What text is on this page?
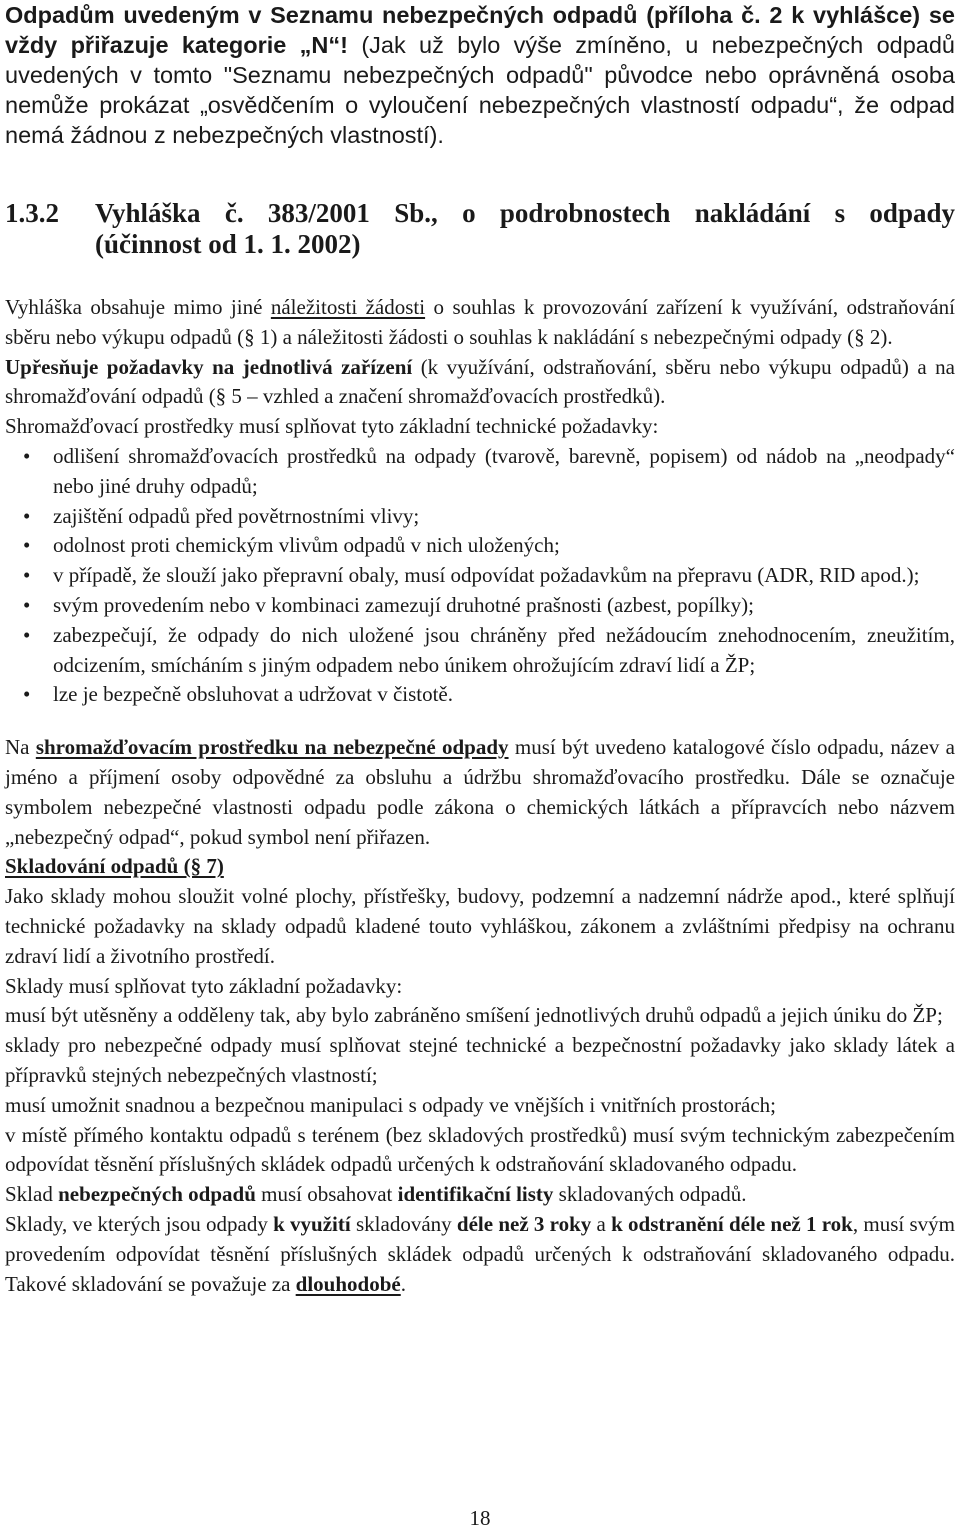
Odpadům uvedeným v Seznamu nebezpečných odpadů (příloha č. 2 k vyhlášce) se vždy přiřazuje kategorie „N“! (Jak už bylo výše zmíněno, u nebezpečných odpadů uvedených v tomto "Seznamu nebezpečných odpadů" původce nebo oprávněná osoba nemůže prokázat „osvědčením o vyloučení nebezpečných vlastností odpadu“, že odpad nemá žádnou z nebezpečných vlastností).

1.3.2	Vyhláška č. 383/2001 Sb., o podrobnostech nakládání s odpady
(účinnost od 1. 1. 2002)

Vyhláška obsahuje mimo jiné náležitosti žádosti o souhlas k provozování zařízení k využívání, odstraňování sběru nebo výkupu odpadů (§ 1) a náležitosti žádosti o souhlas k nakládání s nebezpečnými odpady (§ 2).

Upřesňuje požadavky na jednotlivá zařízení (k využívání, odstraňování, sběru nebo výkupu odpadů) a na shromažďování odpadů (§ 5 – vzhled a značení shromažďovacích prostředků).

Shromažďovací prostředky musí splňovat tyto základní technické požadavky:

• odlišení shromažďovacích prostředků na odpady (tvarově, barevně, popisem) od nádob na „neodpady“ nebo jiné druhy odpadů;
• zajištění odpadů před povětrnostními vlivy;
• odolnost proti chemickým vlivům odpadů v nich uložených;
• v případě, že slouží jako přepravní obaly, musí odpovídat požadavkům na přepravu (ADR, RID apod.);
• svým provedením nebo v kombinaci zamezují druhotné prašnosti (azbest, popílky);
• zabezpečují, že odpady do nich uložené jsou chráněny před nežádoucím znehodnocením, zneužitím, odcizením, smícháním s jiným odpadem nebo únikem ohrožujícím zdraví lidí a ŽP;
• lze je bezpečně obsluhovat a udržovat v čistotě.

Na shromažďovacím prostředku na nebezpečné odpady musí být uvedeno katalogové číslo odpadu, název a jméno a příjmení osoby odpovědné za obsluhu a údržbu shromažďovacího prostředku. Dále se označuje symbolem nebezpečné vlastnosti odpadu podle zákona o chemických látkách a přípravcích nebo názvem „nebezpečný odpad“, pokud symbol není přiřazen.

Skladování odpadů (§ 7)

Jako sklady mohou sloužit volné plochy, přístřešky, budovy, podzemní a nadzemní nádrže apod., které splňují technické požadavky na sklady odpadů kladené touto vyhláškou, zákonem a zvláštními předpisy na ochranu zdraví lidí a životního prostředí.

Sklady musí splňovat tyto základní požadavky:

musí být utěsněny a odděleny tak, aby bylo zabráněno smíšení jednotlivých druhů odpadů a jejich úniku do ŽP;

sklady pro nebezpečné odpady musí splňovat stejné technické a bezpečnostní požadavky jako sklady látek a přípravků stejných nebezpečných vlastností;

musí umožnit snadnou a bezpečnou manipulaci s odpady ve vnějších i vnitřních prostorách;

v místě přímého kontaktu odpadů s terénem (bez skladových prostředků) musí svým technickým zabezpečením odpovídat těsnění příslušných skládek odpadů určených k odstraňování skladovaného odpadu.

Sklad nebezpečných odpadů musí obsahovat identifikační listy skladovaných odpadů.

Sklady, ve kterých jsou odpady k využití skladovány déle než 3 roky a k odstranění déle než 1 rok, musí svým provedením odpovídat těsnění příslušných skládek odpadů určených k odstraňování skladovaného odpadu. Takové skladování se považuje za dlouhodobé.

18
